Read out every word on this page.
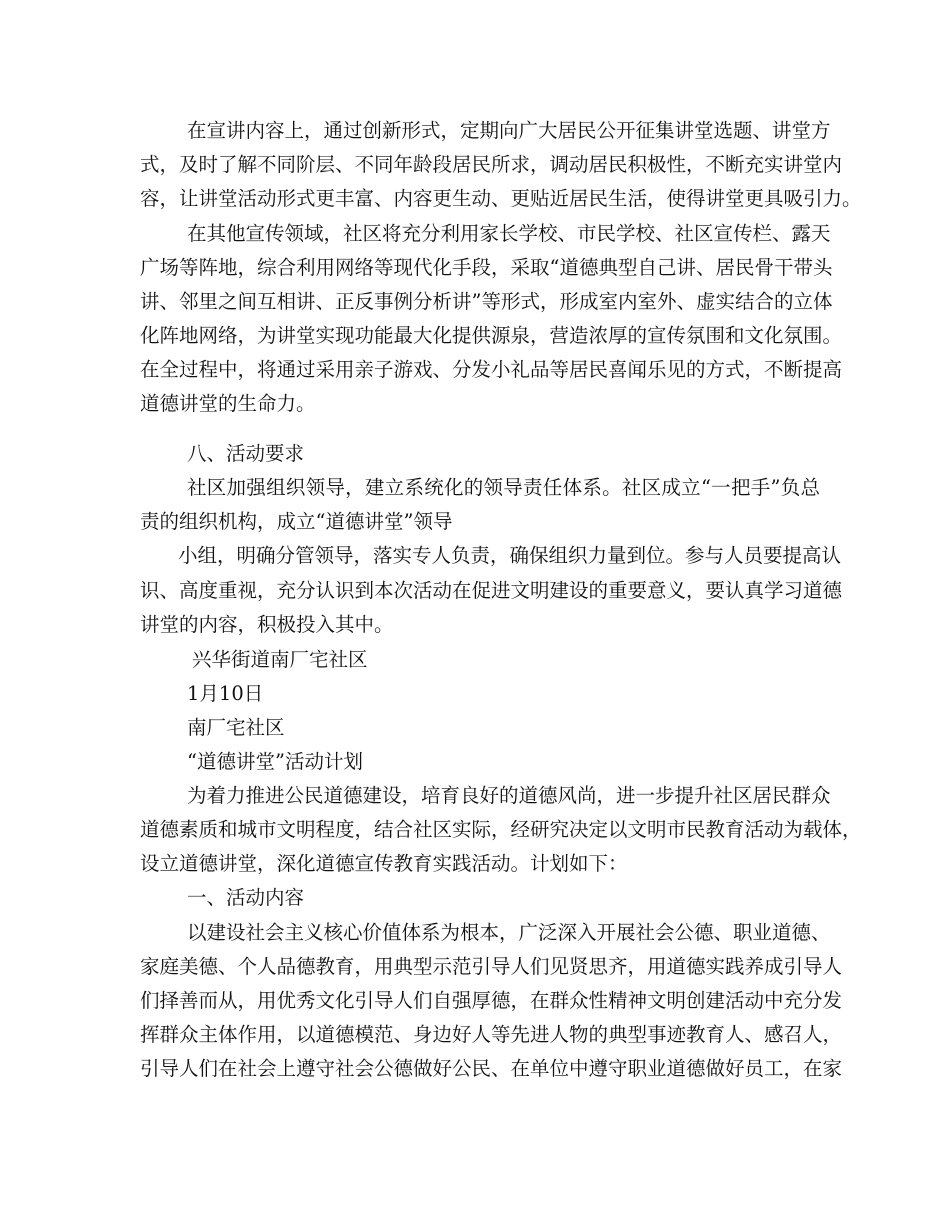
在宣讲内容上，通过创新形式，定期向广大居民公开征集讲堂选题、讲堂方
式，及时了解不同阶层、不同年龄段居民所求，调动居民积极性，不断充实讲堂内
容，让讲堂活动形式更丰富、内容更生动、更贴近居民生活，使得讲堂更具吸引力。
在其他宣传领域，社区将充分利用家长学校、市民学校、社区宣传栏、露天
广场等阵地，综合利用网络等现代化手段，采取“道德典型自己讲、居民骨干带头
讲、邻里之间互相讲、正反事例分析讲”等形式，形成室内室外、虚实结合的立体
化阵地网络，为讲堂实现功能最大化提供源泉，营造浓厚的宣传氛围和文化氛围。
在全过程中，将通过采用亲子游戏、分发小礼品等居民喜闻乐见的方式，不断提高
道德讲堂的生命力。
八、活动要求
社区加强组织领导，建立系统化的领导责任体系。社区成立“一把手”负总
责的组织机构，成立“道德讲堂”领导
小组，明确分管领导，落实专人负责，确保组织力量到位。参与人员要提高认
识、高度重视，充分认识到本次活动在促进文明建设的重要意义，要认真学习道德
讲堂的内容，积极投入其中。
兴华街道南厂宅社区
1月10日
南厂宅社区
“道德讲堂”活动计划
为着力推进公民道德建设，培育良好的道德风尚，进一步提升社区居民群众
道德素质和城市文明程度，结合社区实际，经研究决定以文明市民教育活动为载体，
设立道德讲堂，深化道德宣传教育实践活动。计划如下：
一、活动内容
以建设社会主义核心价值体系为根本，广泛深入开展社会公德、职业道德、
家庭美德、个人品德教育，用典型示范引导人们见贤思齐，用道德实践养成引导人
们择善而从，用优秀文化引导人们自强厚德，在群众性精神文明创建活动中充分发
挥群众主体作用，以道德模范、身边好人等先进人物的典型事迹教育人、感召人，
引导人们在社会上遵守社会公德做好公民、在单位中遵守职业道德做好员工，在家
